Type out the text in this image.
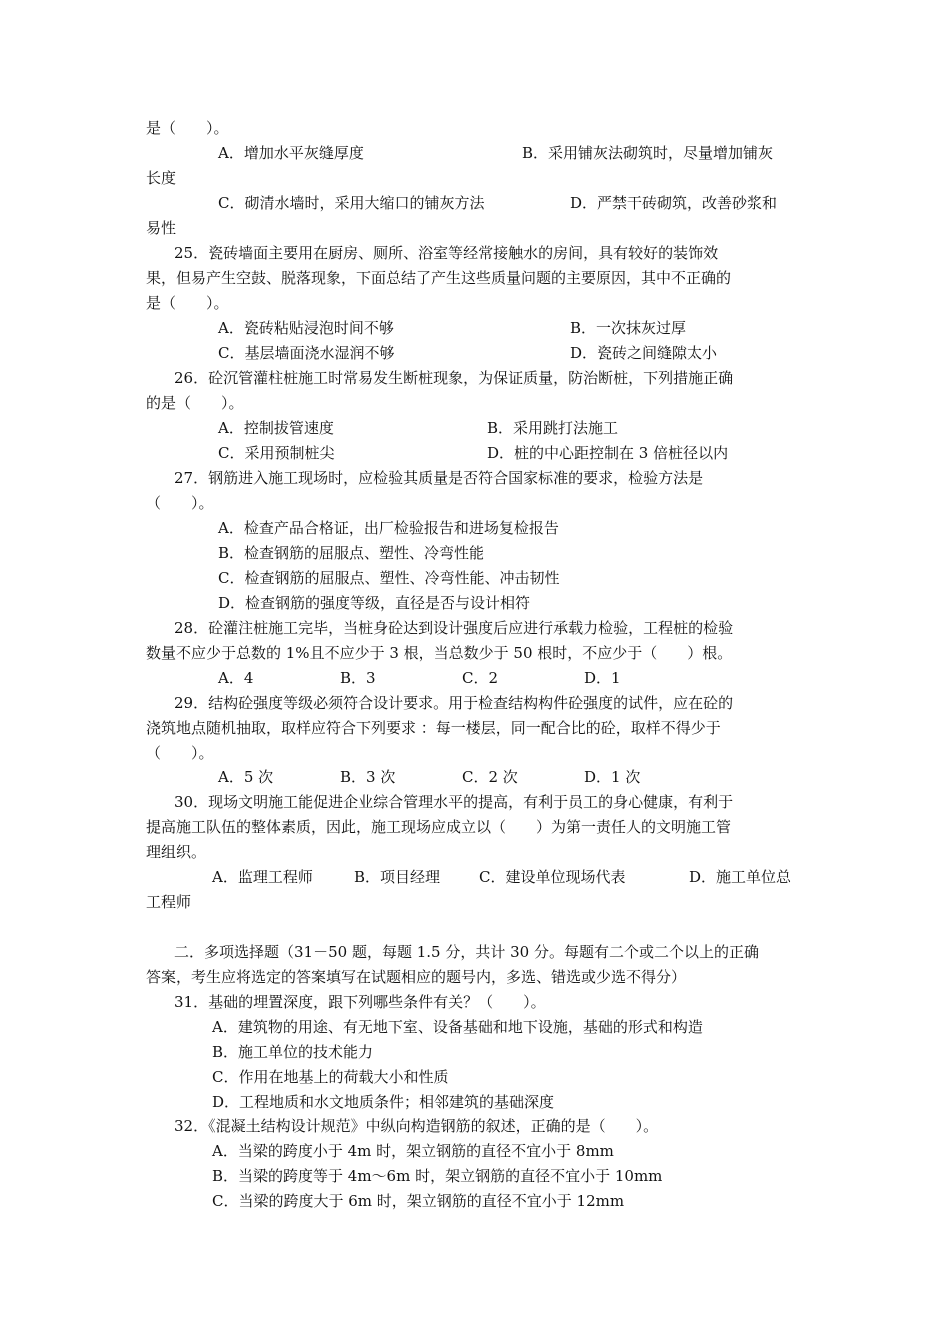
是（　　）。
A．增加水平灰缝厚度	B．采用铺灰法砌筑时，尽量增加铺灰
长度
C．砌清水墙时，采用大缩口的铺灰方法	D．严禁干砖砌筑，改善砂浆和
易性
25．瓷砖墙面主要用在厨房、厕所、浴室等经常接触水的房间，具有较好的装饰效
果，但易产生空鼓、脱落现象，下面总结了产生这些质量问题的主要原因，其中不正确的
是（　　）。
A．瓷砖粘贴浸泡时间不够	B．一次抹灰过厚
C．基层墙面浇水湿润不够	D．瓷砖之间缝隙太小
26．砼沉管灌柱桩施工时常易发生断桩现象，为保证质量，防治断桩，下列措施正确
的是（　　）。
A．控制拔管速度	B．采用跳打法施工
C．采用预制桩尖	D．桩的中心距控制在 3 倍桩径以内
27．钢筋进入施工现场时，应检验其质量是否符合国家标准的要求，检验方法是
（　　）。
A．检查产品合格证，出厂检验报告和进场复检报告
B．检查钢筋的屈服点、塑性、冷弯性能
C．检查钢筋的屈服点、塑性、冷弯性能、冲击韧性
D．检查钢筋的强度等级，直径是否与设计相符
28．砼灌注桩施工完毕，当桩身砼达到设计强度后应进行承载力检验，工程桩的检验
数量不应少于总数的 1%且不应少于 3 根，当总数少于 50 根时，不应少于（　　）根。
A．4	B．3	C．2	D．1
29．结构砼强度等级必须符合设计要求。用于检查结构构件砼强度的试件，应在砼的
浇筑地点随机抽取，取样应符合下列要求 ：每一楼层，同一配合比的砼，取样不得少于
（　　）。
A．5 次	B．3 次	C．2 次	D．1 次
30．现场文明施工能促进企业综合管理水平的提高，有利于员工的身心健康，有利于
提高施工队伍的整体素质，因此，施工现场应成立以（　　）为第一责任人的文明施工管
理组织。
A．监理工程师	B．项目经理	C．建设单位现场代表	D．施工单位总
工程师
二．多项选择题（31－50 题，每题 1.5 分，共计 30 分。每题有二个或二个以上的正确
答案，考生应将选定的答案填写在试题相应的题号内，多选、错选或少选不得分）
31．基础的埋置深度，跟下列哪些条件有关？（　　）。
A．建筑物的用途、有无地下室、设备基础和地下设施，基础的形式和构造
B．施工单位的技术能力
C．作用在地基上的荷载大小和性质
D．工程地质和水文地质条件；相邻建筑的基础深度
32．《混凝土结构设计规范》中纵向构造钢筋的叙述，正确的是（　　）。
A．当梁的跨度小于 4m 时，架立钢筋的直径不宜小于 8mm
B．当梁的跨度等于 4m～6m 时，架立钢筋的直径不宜小于 10mm
C．当梁的跨度大于 6m 时，架立钢筋的直径不宜小于 12mm
